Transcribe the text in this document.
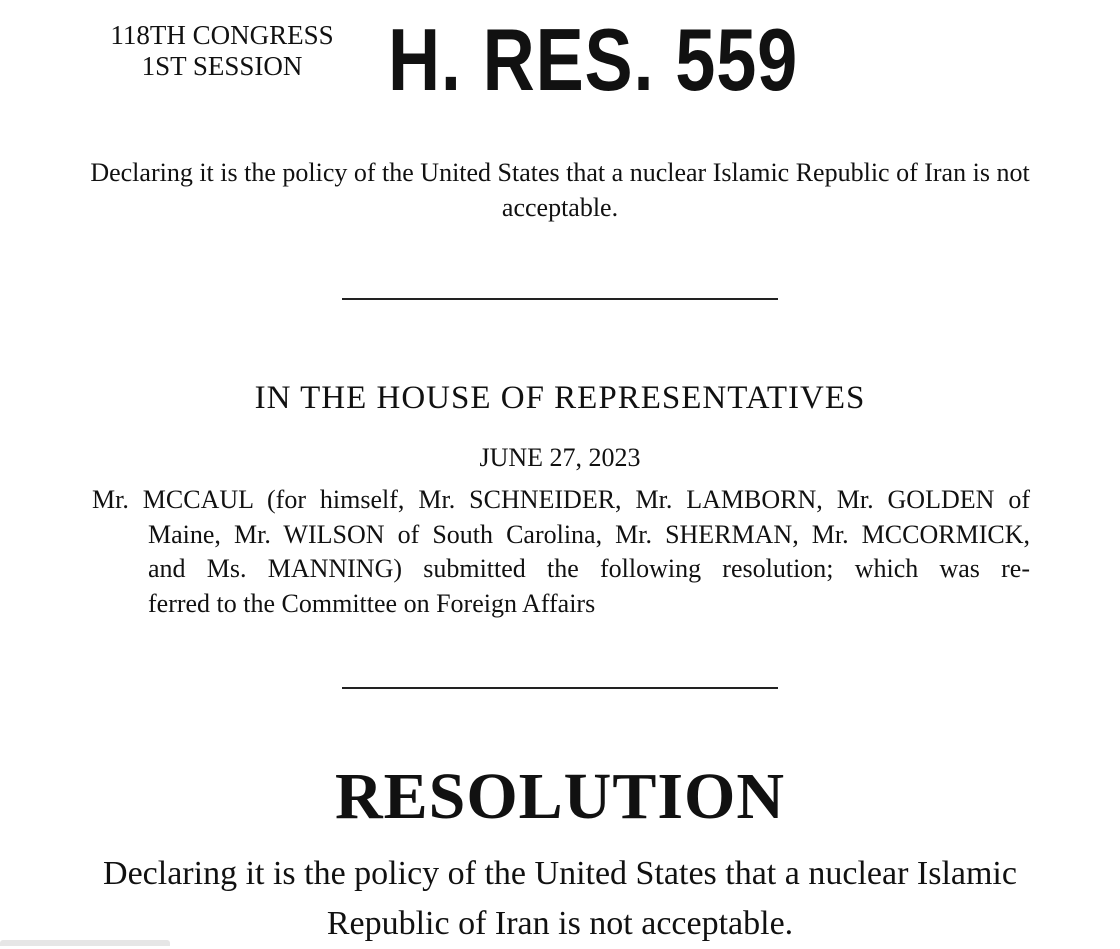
118TH CONGRESS
1ST SESSION H. RES. 559
Declaring it is the policy of the United States that a nuclear Islamic Republic of Iran is not acceptable.
IN THE HOUSE OF REPRESENTATIVES
JUNE 27, 2023
Mr. MCCAUL (for himself, Mr. SCHNEIDER, Mr. LAMBORN, Mr. GOLDEN of
Maine, Mr. WILSON of South Carolina, Mr. SHERMAN, Mr. MCCORMICK,
and Ms. MANNING) submitted the following resolution; which was re-
ferred to the Committee on Foreign Affairs
RESOLUTION
Declaring it is the policy of the United States that a nuclear Islamic Republic of Iran is not acceptable.
